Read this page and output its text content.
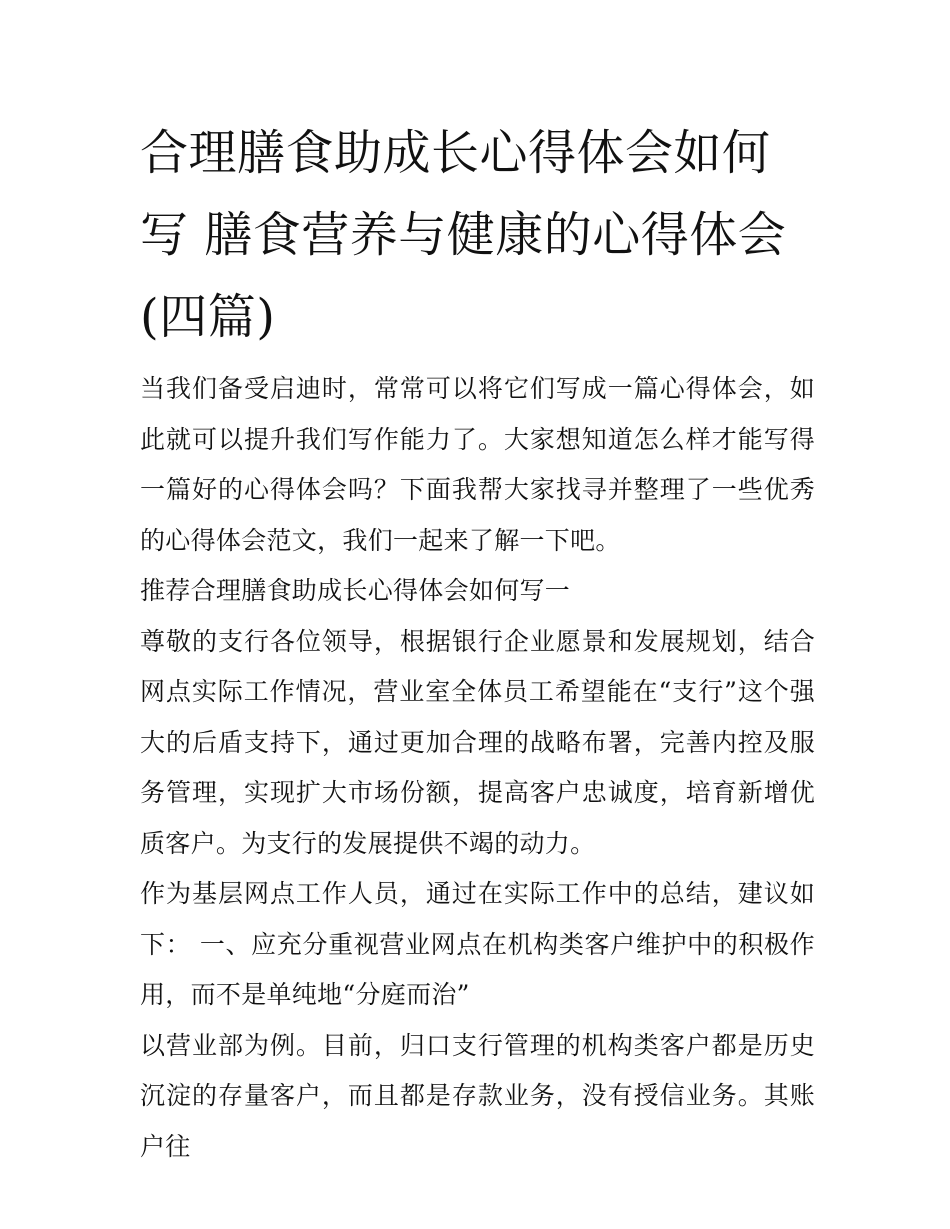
合理膳食助成长心得体会如何写 膳食营养与健康的心得体会(四篇)

当我们备受启迪时，常常可以将它们写成一篇心得体会，如此就可以提升我们写作能力了。大家想知道怎么样才能写得一篇好的心得体会吗？下面我帮大家找寻并整理了一些优秀的心得体会范文，我们一起来了解一下吧。

推荐合理膳食助成长心得体会如何写一

尊敬的支行各位领导，根据银行企业愿景和发展规划，结合网点实际工作情况，营业室全体员工希望能在“支行”这个强大的后盾支持下，通过更加合理的战略布署，完善内控及服务管理，实现扩大市场份额，提高客户忠诚度，培育新增优质客户。为支行的发展提供不竭的动力。

作为基层网点工作人员，通过在实际工作中的总结，建议如下： 一、应充分重视营业网点在机构类客户维护中的积极作用，而不是单纯地“分庭而治”

以营业部为例。目前，归口支行管理的机构类客户都是历史沉淀的存量客户，而且都是存款业务，没有授信业务。其账户往
